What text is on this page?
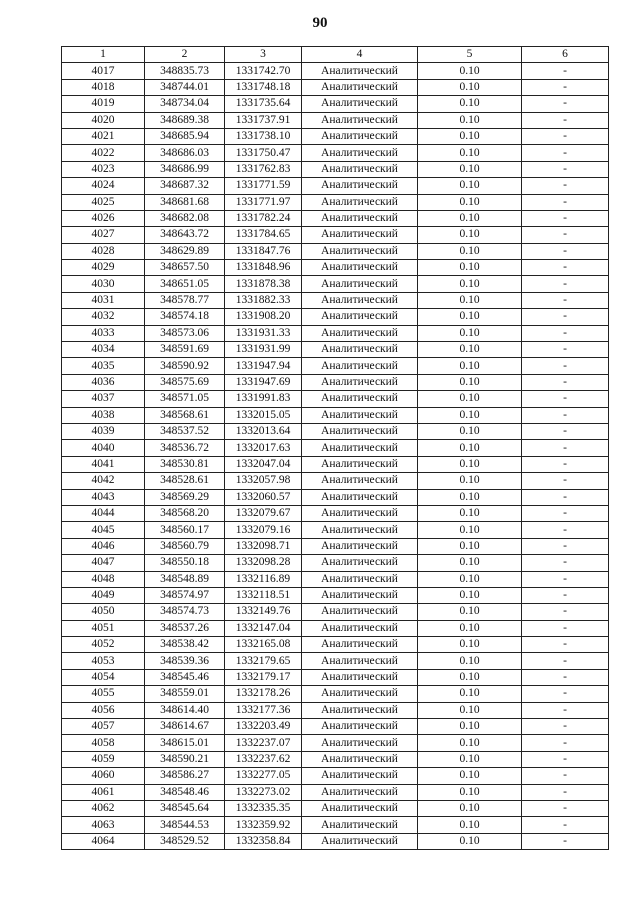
90
1	2	3	4	5	6
4017	348835.73	1331742.70	Аналитический	0.10	-
4018	348744.01	1331748.18	Аналитический	0.10	-
4019	348734.04	1331735.64	Аналитический	0.10	-
4020	348689.38	1331737.91	Аналитический	0.10	-
4021	348685.94	1331738.10	Аналитический	0.10	-
4022	348686.03	1331750.47	Аналитический	0.10	-
4023	348686.99	1331762.83	Аналитический	0.10	-
4024	348687.32	1331771.59	Аналитический	0.10	-
4025	348681.68	1331771.97	Аналитический	0.10	-
4026	348682.08	1331782.24	Аналитический	0.10	-
4027	348643.72	1331784.65	Аналитический	0.10	-
4028	348629.89	1331847.76	Аналитический	0.10	-
4029	348657.50	1331848.96	Аналитический	0.10	-
4030	348651.05	1331878.38	Аналитический	0.10	-
4031	348578.77	1331882.33	Аналитический	0.10	-
4032	348574.18	1331908.20	Аналитический	0.10	-
4033	348573.06	1331931.33	Аналитический	0.10	-
4034	348591.69	1331931.99	Аналитический	0.10	-
4035	348590.92	1331947.94	Аналитический	0.10	-
4036	348575.69	1331947.69	Аналитический	0.10	-
4037	348571.05	1331991.83	Аналитический	0.10	-
4038	348568.61	1332015.05	Аналитический	0.10	-
4039	348537.52	1332013.64	Аналитический	0.10	-
4040	348536.72	1332017.63	Аналитический	0.10	-
4041	348530.81	1332047.04	Аналитический	0.10	-
4042	348528.61	1332057.98	Аналитический	0.10	-
4043	348569.29	1332060.57	Аналитический	0.10	-
4044	348568.20	1332079.67	Аналитический	0.10	-
4045	348560.17	1332079.16	Аналитический	0.10	-
4046	348560.79	1332098.71	Аналитический	0.10	-
4047	348550.18	1332098.28	Аналитический	0.10	-
4048	348548.89	1332116.89	Аналитический	0.10	-
4049	348574.97	1332118.51	Аналитический	0.10	-
4050	348574.73	1332149.76	Аналитический	0.10	-
4051	348537.26	1332147.04	Аналитический	0.10	-
4052	348538.42	1332165.08	Аналитический	0.10	-
4053	348539.36	1332179.65	Аналитический	0.10	-
4054	348545.46	1332179.17	Аналитический	0.10	-
4055	348559.01	1332178.26	Аналитический	0.10	-
4056	348614.40	1332177.36	Аналитический	0.10	-
4057	348614.67	1332203.49	Аналитический	0.10	-
4058	348615.01	1332237.07	Аналитический	0.10	-
4059	348590.21	1332237.62	Аналитический	0.10	-
4060	348586.27	1332277.05	Аналитический	0.10	-
4061	348548.46	1332273.02	Аналитический	0.10	-
4062	348545.64	1332335.35	Аналитический	0.10	-
4063	348544.53	1332359.92	Аналитический	0.10	-
4064	348529.52	1332358.84	Аналитический	0.10	-
